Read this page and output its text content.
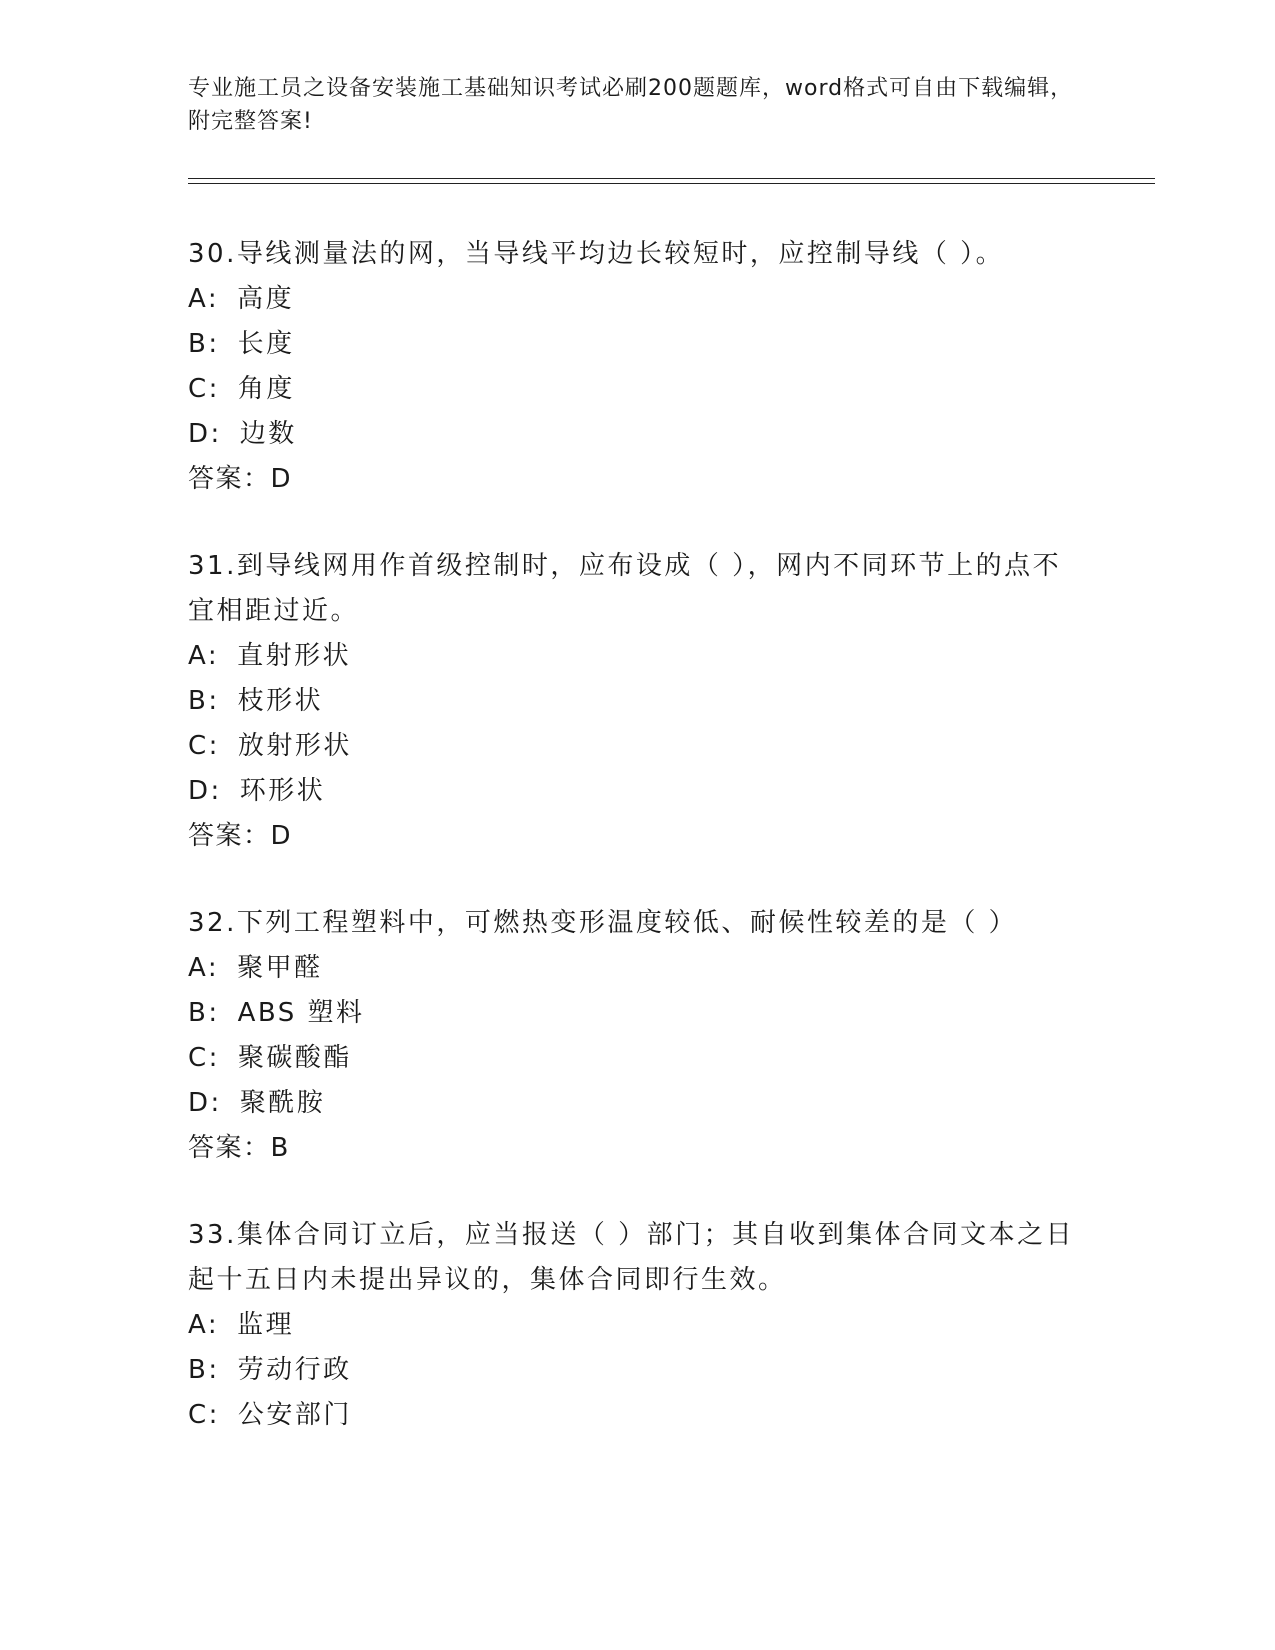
专业施工员之设备安装施工基础知识考试必刷200题题库，word格式可自由下载编辑，附完整答案!
30.导线测量法的网，当导线平均边长较短时，应控制导线（ ）。
A: 高度
B: 长度
C: 角度
D: 边数
答案：D
31.到导线网用作首级控制时，应布设成（ ），网内不同环节上的点不宜相距过近。
A: 直射形状
B: 枝形状
C: 放射形状
D: 环形状
答案：D
32.下列工程塑料中，可燃热变形温度较低、耐候性较差的是（ ）
A: 聚甲醛
B: ABS 塑料
C: 聚碳酸酯
D: 聚酰胺
答案：B
33.集体合同订立后，应当报送（ ）部门；其自收到集体合同文本之日起十五日内未提出异议的，集体合同即行生效。
A: 监理
B: 劳动行政
C: 公安部门
